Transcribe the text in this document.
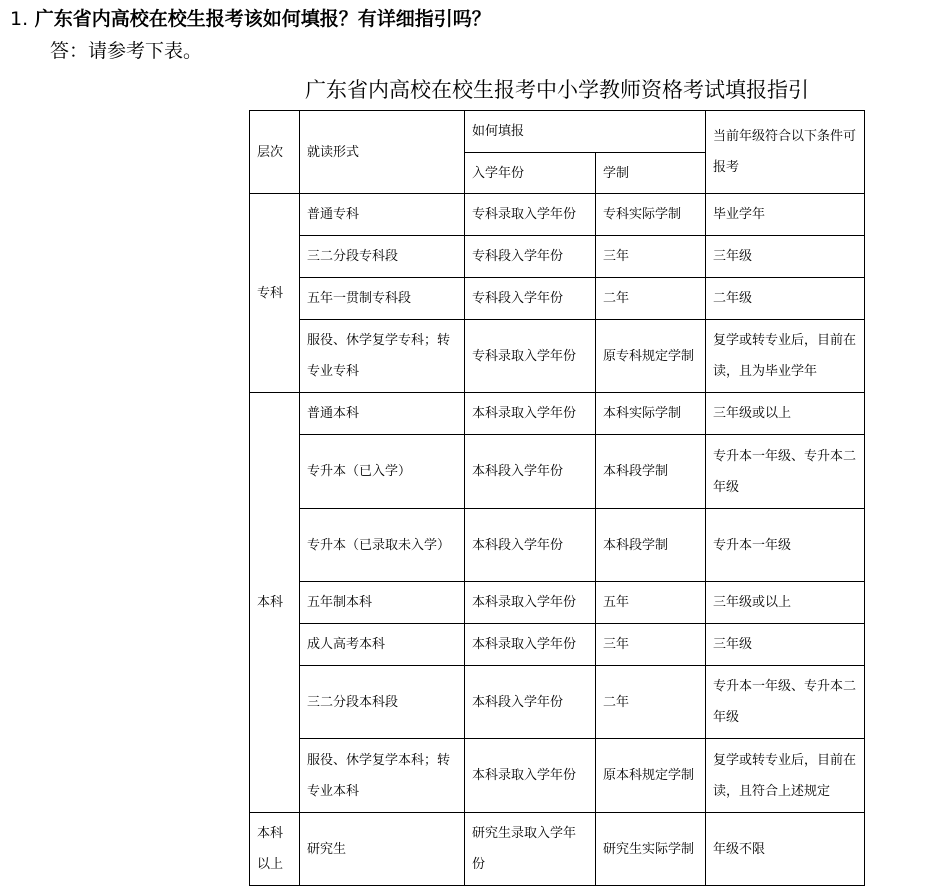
1. 广东省内高校在校生报考该如何填报？有详细指引吗？
答：请参考下表。
广东省内高校在校生报考中小学教师资格考试填报指引
层次	就读形式	如何填报		当前年级符合以下条件可报考
		入学年份	学制	
专科	普通专科	专科录取入学年份	专科实际学制	毕业学年
	三二分段专科段	专科段入学年份	三年	三年级
	五年一贯制专科段	专科段入学年份	二年	二年级
	服役、休学复学专科；转专业专科	专科录取入学年份	原专科规定学制	复学或转专业后，目前在读，且为毕业学年
本科	普通本科	本科录取入学年份	本科实际学制	三年级或以上
	专升本（已入学）	本科段入学年份	本科段学制	专升本一年级、专升本二年级
	专升本（已录取未入学）	本科段入学年份	本科段学制	专升本一年级
	五年制本科	本科录取入学年份	五年	三年级或以上
	成人高考本科	本科录取入学年份	三年	三年级
	三二分段本科段	本科段入学年份	二年	专升本一年级、专升本二年级
	服役、休学复学本科；转专业本科	本科录取入学年份	原本科规定学制	复学或转专业后，目前在读，且符合上述规定
本科以上	研究生	研究生录取入学年份	研究生实际学制	年级不限
